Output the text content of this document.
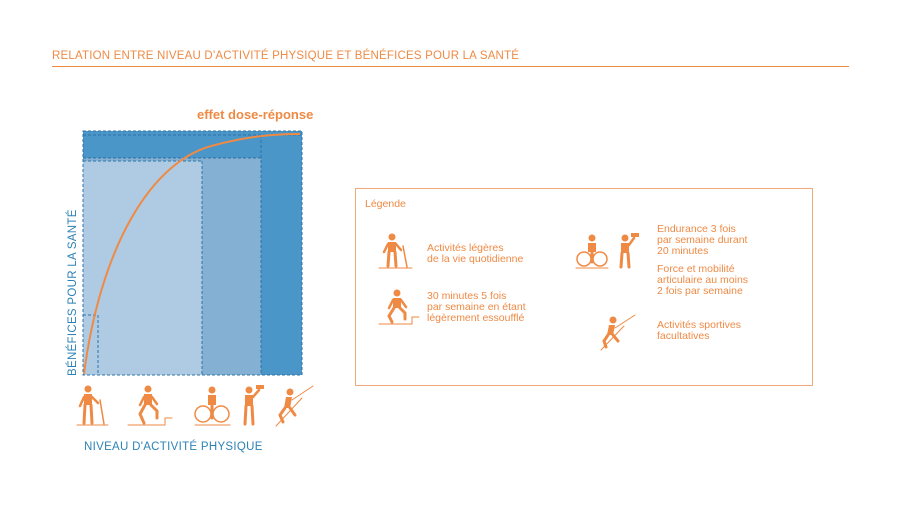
RELATION ENTRE NIVEAU D'ACTIVITÉ PHYSIQUE ET BÉNÉFICES POUR LA SANTÉ
effet dose-réponse
BÉNÉFICES POUR LA SANTÉ
NIVEAU D'ACTIVITÉ PHYSIQUE
Légende
Activités légères
de la vie quotidienne
30 minutes 5 fois
par semaine en étant
légèrement essoufflé
Endurance 3 fois
par semaine durant
20 minutes
Force et mobilité
articulaire au moins
2 fois par semaine
Activités sportives
facultatives
